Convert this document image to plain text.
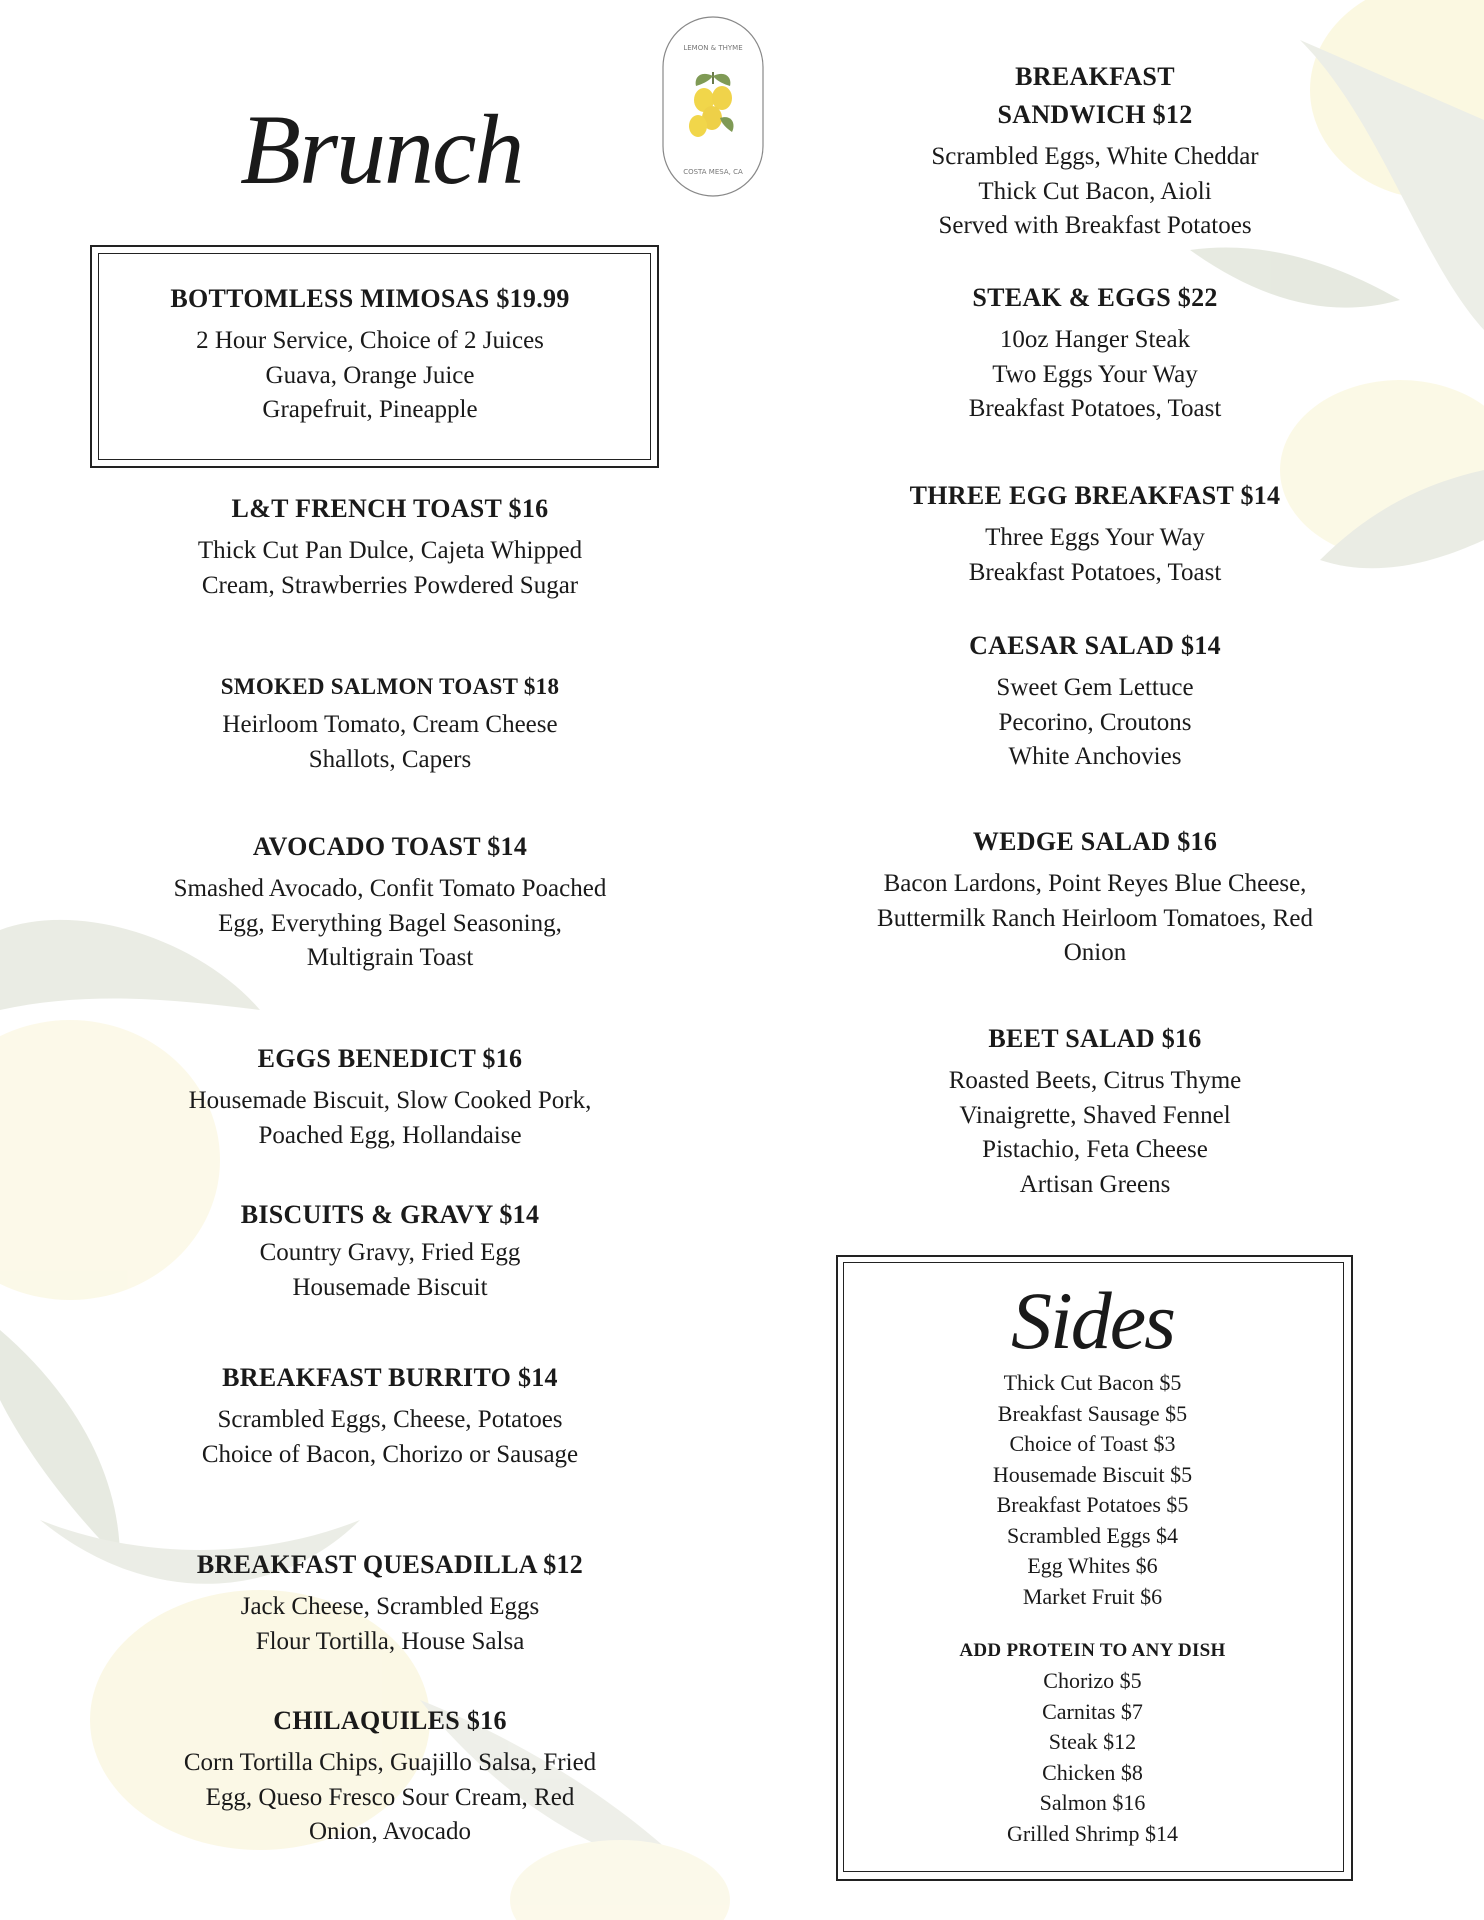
Brunch
LEMON & THYME
COSTA MESA, CA
BOTTOMLESS MIMOSAS $19.99
2 Hour Service, Choice of 2 Juices
Guava, Orange Juice
Grapefruit, Pineapple
L&T FRENCH TOAST $16
Thick Cut Pan Dulce, Cajeta Whipped
Cream, Strawberries Powdered Sugar
SMOKED SALMON TOAST $18
Heirloom Tomato, Cream Cheese
Shallots, Capers
AVOCADO TOAST $14
Smashed Avocado, Confit Tomato Poached
Egg, Everything Bagel Seasoning,
Multigrain Toast
EGGS BENEDICT $16
Housemade Biscuit, Slow Cooked Pork,
Poached Egg, Hollandaise
BISCUITS & GRAVY $14
Country Gravy, Fried Egg
Housemade Biscuit
BREAKFAST BURRITO $14
Scrambled Eggs, Cheese, Potatoes
Choice of Bacon, Chorizo or Sausage
BREAKFAST QUESADILLA $12
Jack Cheese, Scrambled Eggs
Flour Tortilla, House Salsa
CHILAQUILES $16
Corn Tortilla Chips, Guajillo Salsa, Fried
Egg, Queso Fresco Sour Cream, Red
Onion, Avocado
BREAKFAST
SANDWICH $12
Scrambled Eggs, White Cheddar
Thick Cut Bacon, Aioli
Served with Breakfast Potatoes
STEAK & EGGS $22
10oz Hanger Steak
Two Eggs Your Way
Breakfast Potatoes, Toast
THREE EGG BREAKFAST $14
Three Eggs Your Way
Breakfast Potatoes, Toast
CAESAR SALAD $14
Sweet Gem Lettuce
Pecorino, Croutons
White Anchovies
WEDGE SALAD $16
Bacon Lardons, Point Reyes Blue Cheese,
Buttermilk Ranch Heirloom Tomatoes, Red
Onion
BEET SALAD $16
Roasted Beets, Citrus Thyme
Vinaigrette, Shaved Fennel
Pistachio, Feta Cheese
Artisan Greens
Sides
Thick Cut Bacon $5
Breakfast Sausage $5
Choice of Toast $3
Housemade Biscuit $5
Breakfast Potatoes $5
Scrambled Eggs $4
Egg Whites $6
Market Fruit $6
ADD PROTEIN TO ANY DISH
Chorizo $5
Carnitas $7
Steak $12
Chicken $8
Salmon $16
Grilled Shrimp $14
